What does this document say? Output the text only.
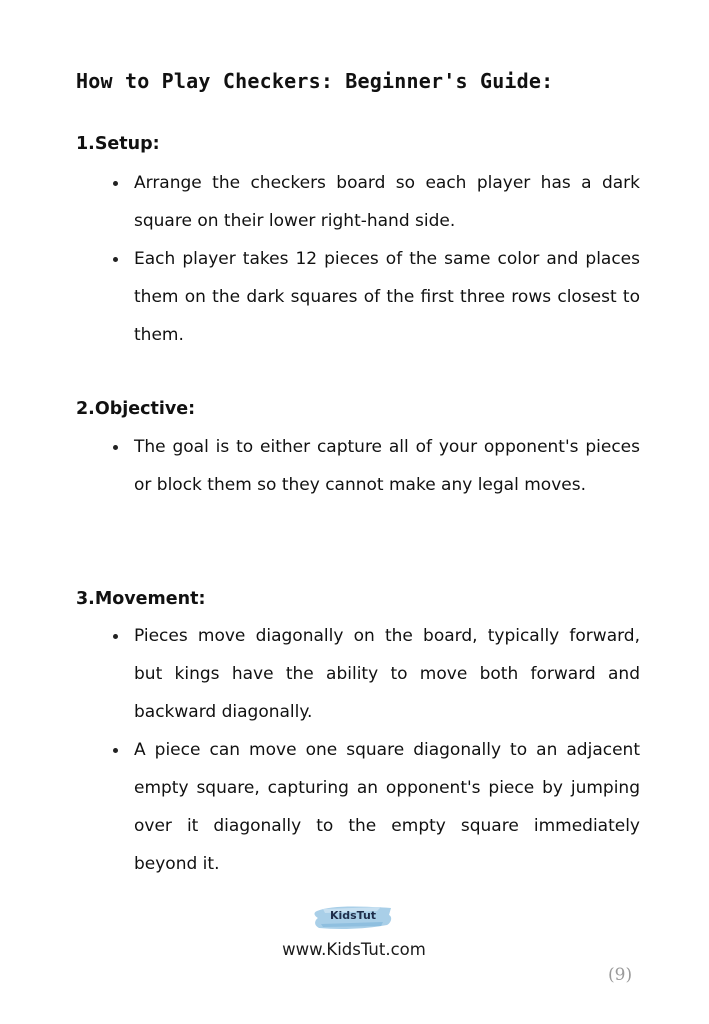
How to Play Checkers: Beginner's Guide:
1.Setup:
Arrange the checkers board so each player has a dark square on their lower right-hand side.
Each player takes 12 pieces of the same color and places them on the dark squares of the first three rows closest to them.
2.Objective:
The goal is to either capture all of your opponent's pieces or block them so they cannot make any legal moves.
3.Movement:
Pieces move diagonally on the board, typically forward, but kings have the ability to move both forward and backward diagonally.
A piece can move one square diagonally to an adjacent empty square, capturing an opponent's piece by jumping over it diagonally to the empty square immediately beyond it.
KidsTut
www.KidsTut.com
(9)
